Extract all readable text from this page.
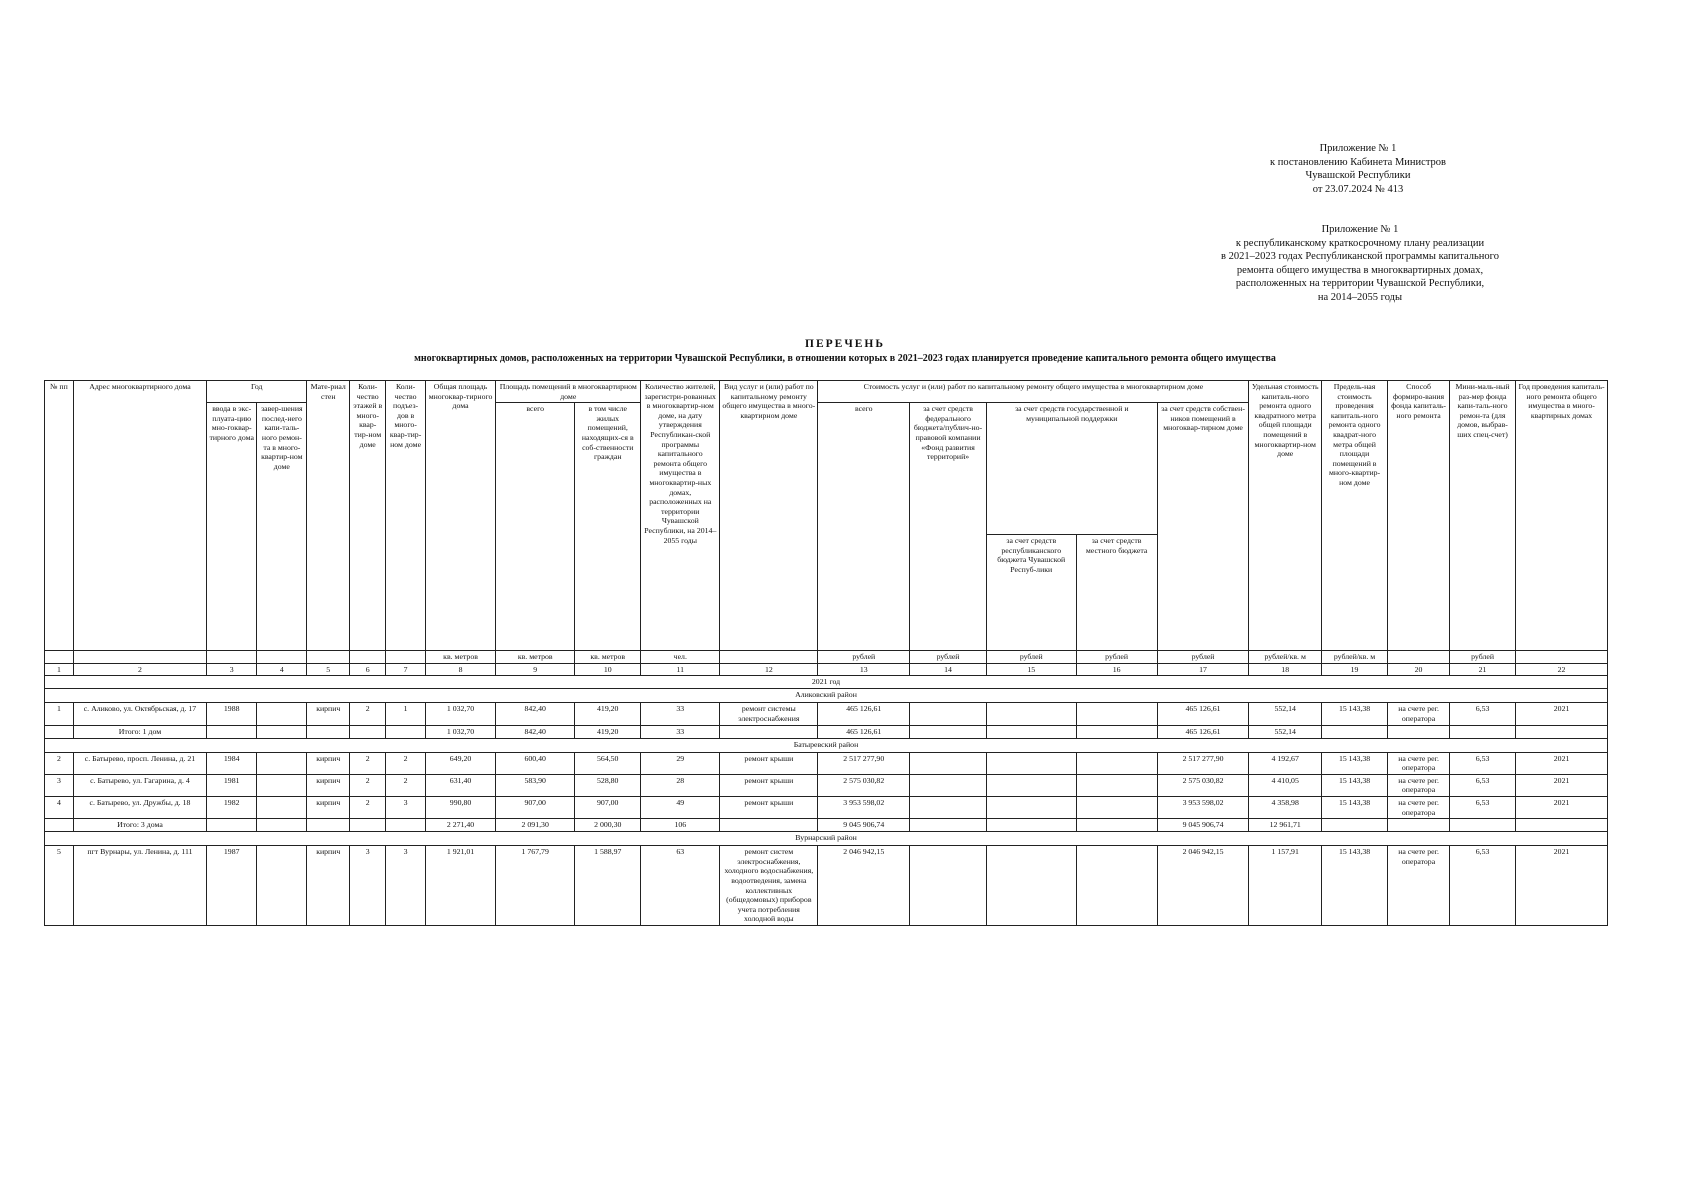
Приложение № 1
к постановлению Кабинета Министров
Чувашской Республики
от 23.07.2024 № 413
Приложение № 1
к республиканскому краткосрочному плану реализации
в 2021–2023 годах Республиканской программы капитального
ремонта общего имущества в многоквартирных домах,
расположенных на территории Чувашской Республики,
на 2014–2055 годы
ПЕРЕЧЕНЬ
многоквартирных домов, расположенных на территории Чувашской Республики, в отношении которых в 2021–2023 годах планируется проведение капитального ремонта общего имущества
№ пп	Адрес многоквартирного дома	Год		Мате-риал стен	Коли-чество этажей в много-квар-тир-ном доме	Коли-чество подъез-дов в много-квар-тир-ном доме	Общая площадь многоквар-тирного дома	Площадь помещений в многоквартирном доме		Количество жителей, зарегистри-рованных в многоквартир-ном доме, на дату утверждения Республикан-ской программы капитального ремонта общего имущества в многоквартир-ных домах, расположенных на территории Чувашской Республики, на 2014–2055 годы	Вид услуг и (или) работ по капитальному ремонту общего имущества в много-квартирном доме	Стоимость услуг и (или) работ по капитальному ремонту общего имущества в многоквартирном доме					Удельная стоимость капиталь-ного ремонта одного квадратного метра общей площади помещений в многоквартир-ном доме	Предель-ная стоимость проведения капиталь-ного ремонта одного квадрат-ного метра общей площади помещений в много-квартир-ном доме	Способ формиро-вания фонда капиталь-ного ремонта	Мини-маль-ный раз-мер фонда капи-таль-ного ремон-та (для домов, выбрав-ших спец-счет)	Год проведения капиталь-ного ремонта общего имущества в много-квартирных домах
		ввода в экс-плуата-цию мно-гоквар-тирного дома	завер-шения послед-него капи-таль-ного ремон-та в много-квартир-ном доме					всего	в том числе жилых помещений, находящих-ся в соб-ственности граждан			всего	за счет средств федерального бюджета/публич-но-правовой компании «Фонд развития территорий»	за счет средств государственной и муниципальной поддержки		за счет средств собствен-ников помещений в многоквар-тирном доме					
														за счет средств республиканского бюджета Чувашской Респуб-лики	за счет средств местного бюджета						
							кв. метров	кв. метров	кв. метров	чел.		рублей	рублей	рублей	рублей	рублей	рублей/кв. м	рублей/кв. м		рублей	
1	2	3	4	5	6	7	8	9	10	11	12	13	14	15	16	17	18	19	20	21	22
2021 год																					
Аликовский район																					
1	с. Аликово, ул. Октябрьская, д. 17	1988		кирпич	2	1	1 032,70	842,40	419,20	33	ремонт системы электроснабжения	465 126,61				465 126,61	552,14	15 143,38	на счете рег. оператора	6,53	2021
	Итого: 1 дом						1 032,70	842,40	419,20	33		465 126,61				465 126,61	552,14				
Батыревский район																					
2	с. Батырево, просп. Ленина, д. 21	1984		кирпич	2	2	649,20	600,40	564,50	29	ремонт крыши	2 517 277,90				2 517 277,90	4 192,67	15 143,38	на счете рег. оператора	6,53	2021
3	с. Батырево, ул. Гагарина, д. 4	1981		кирпич	2	2	631,40	583,90	528,80	28	ремонт крыши	2 575 030,82				2 575 030,82	4 410,05	15 143,38	на счете рег. оператора	6,53	2021
4	с. Батырево, ул. Дружбы, д. 18	1982		кирпич	2	3	990,80	907,00	907,00	49	ремонт крыши	3 953 598,02				3 953 598,02	4 358,98	15 143,38	на счете рег. оператора	6,53	2021
	Итого: 3 дома						2 271,40	2 091,30	2 000,30	106		9 045 906,74				9 045 906,74	12 961,71				
Вурнарский район																					
5	пгт Вурнары, ул. Ленина, д. 111	1987		кирпич	3	3	1 921,01	1 767,79	1 588,97	63	ремонт систем электроснабжения, холодного водоснабжения, водоотведения, замена коллективных (общедомовых) приборов учета потребления холодной воды	2 046 942,15				2 046 942,15	1 157,91	15 143,38	на счете рег. оператора	6,53	2021
